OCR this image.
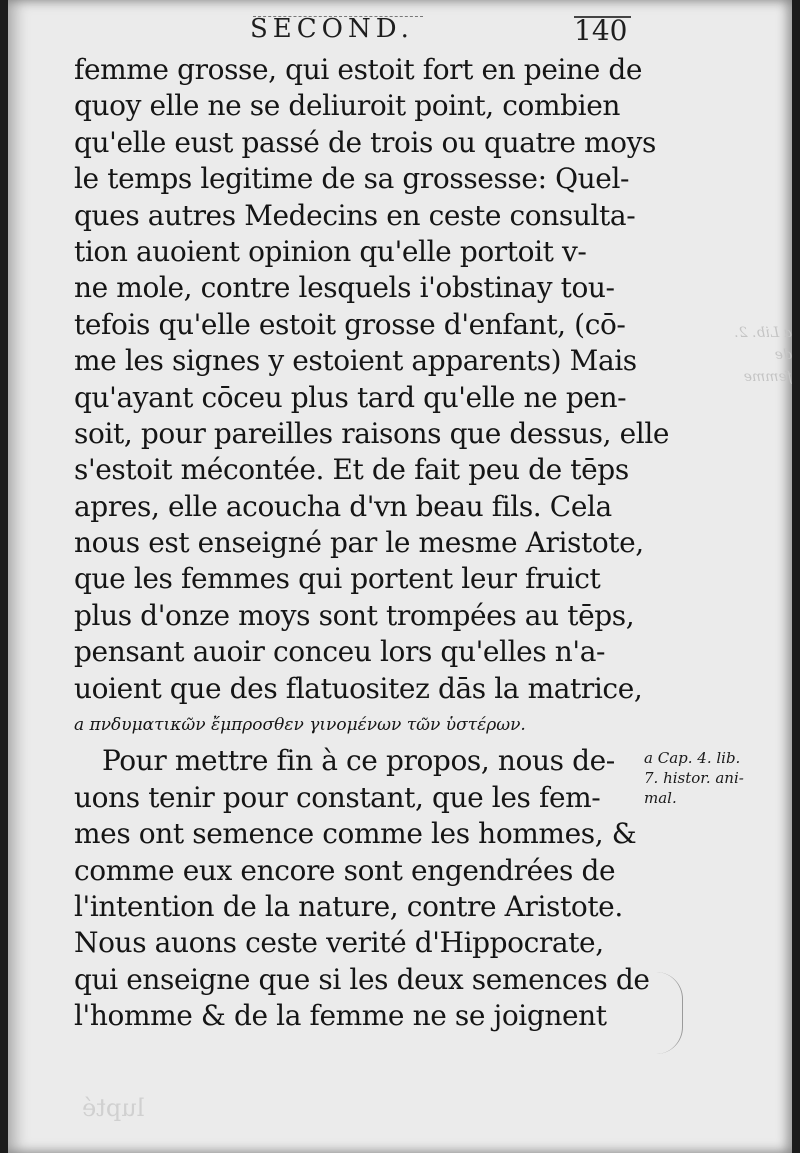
a Lib. 2. de
femme
lupté
SECOND.	140
femme grosse, qui estoit fort en peine de
quoy elle ne se deliuroit point, combien
qu'elle eust passé de trois ou quatre moys
le temps legitime de sa grossesse: Quel-
ques autres Medecins en ceste consulta-
tion auoient opinion qu'elle portoit v-
ne mole, contre lesquels i'obstinay tou-
tefois qu'elle estoit grosse d'enfant, (cō-
me les signes y estoient apparents) Mais
qu'ayant cōceu plus tard qu'elle ne pen-
soit, pour pareilles raisons que dessus, elle
s'estoit mécontée. Et de fait peu de tēps
apres, elle acoucha d'vn beau fils. Cela
nous est enseigné par le mesme Aristote,
que les femmes qui portent leur fruict
plus d'onze moys sont trompées au tēps,
pensant auoir conceu lors qu'elles n'a-
uoient que des flatuositez dās la matrice,
a πνδυματικῶν ἔμπροσθεν γινομένων τῶν ὑστέρων.
Pour mettre fin à ce propos, nous de-
uons tenir pour constant, que les fem-
mes ont semence comme les hommes, &
comme eux encore sont engendrées de
l'intention de la nature, contre Aristote.
Nous auons ceste verité d'Hippocrate,
qui enseigne que si les deux semences de
l'homme & de la femme ne se joignent
a Cap. 4. lib.
7. histor. ani-
mal.
